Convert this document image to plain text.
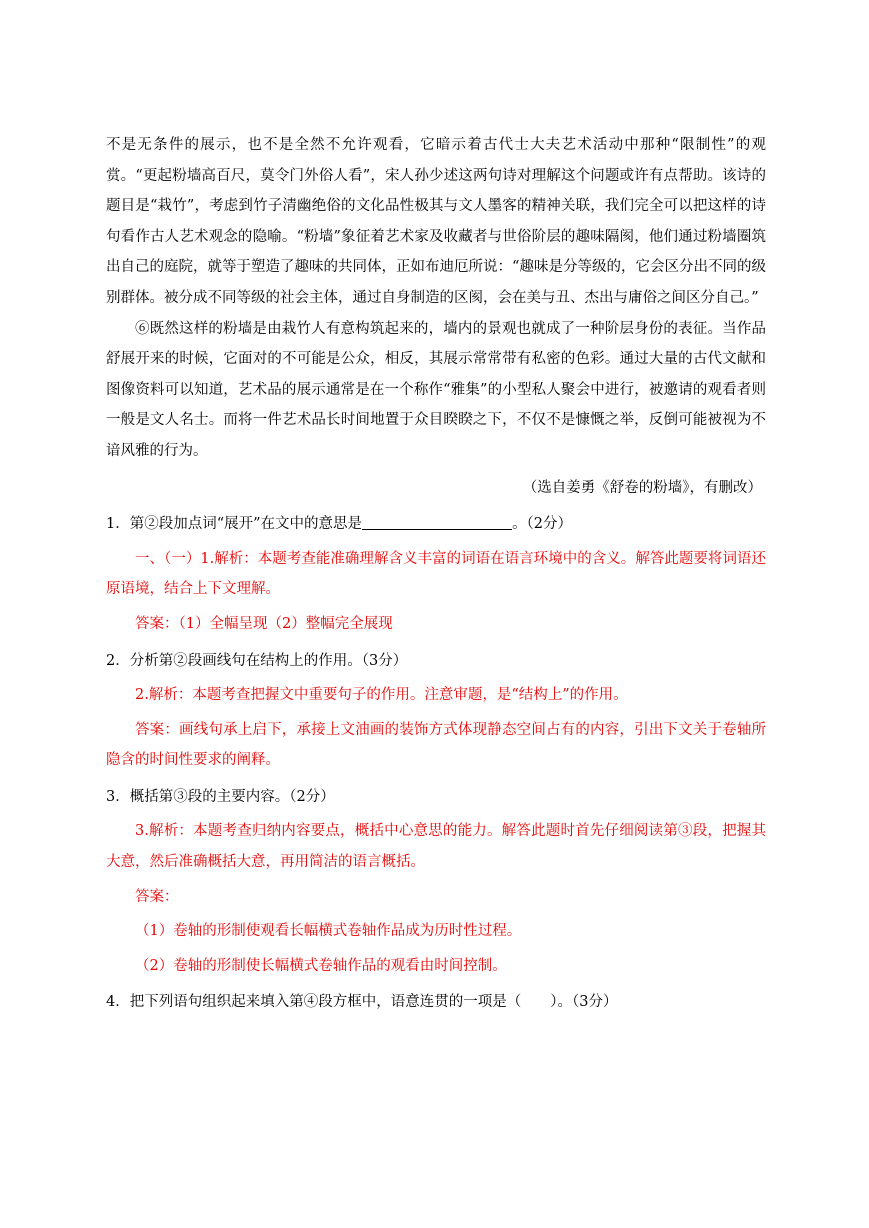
不是无条件的展示，也不是全然不允许观看，它暗示着古代士大夫艺术活动中那种“限制性”的观赏。“更起粉墙高百尺，莫令门外俗人看”，宋人孙少述这两句诗对理解这个问题或许有点帮助。该诗的题目是“栽竹”，考虑到竹子清幽绝俗的文化品性极其与文人墨客的精神关联，我们完全可以把这样的诗句看作古人艺术观念的隐喻。“粉墙”象征着艺术家及收藏者与世俗阶层的趣味隔阂，他们通过粉墙圈筑出自己的庭院，就等于塑造了趣味的共同体，正如布迪厄所说：“趣味是分等级的，它会区分出不同的级别群体。被分成不同等级的社会主体，通过自身制造的区阂，会在美与丑、杰出与庸俗之间区分自己。”

⑥既然这样的粉墙是由栽竹人有意构筑起来的，墙内的景观也就成了一种阶层身份的表征。当作品舒展开来的时候，它面对的不可能是公众，相反，其展示常常带有私密的色彩。通过大量的古代文献和图像资料可以知道，艺术品的展示通常是在一个称作“雅集”的小型私人聚会中进行，被邀请的观看者则一般是文人名士。而将一件艺术品长时间地置于众目睽睽之下，不仅不是慷慨之举，反倒可能被视为不谙风雅的行为。

（选自姜勇《舒卷的粉墙》，有删改）

1．第②段加点词“展开”在文中的意思是	。（2分）

一、（一）1.解析：本题考查能准确理解含义丰富的词语在语言环境中的含义。解答此题要将词语还原语境，结合上下文理解。

答案：（1）全幅呈现（2）整幅完全展现

2．分析第②段画线句在结构上的作用。（3分）

2.解析：本题考查把握文中重要句子的作用。注意审题，是“结构上”的作用。

答案：画线句承上启下，承接上文油画的装饰方式体现静态空间占有的内容，引出下文关于卷轴所隐含的时间性要求的阐释。

3．概括第③段的主要内容。（2分）

3.解析：本题考查归纳内容要点，概括中心意思的能力。解答此题时首先仔细阅读第③段，把握其大意，然后准确概括大意，再用简洁的语言概括。

答案：

（1）卷轴的形制使观看长幅横式卷轴作品成为历时性过程。

（2）卷轴的形制使长幅横式卷轴作品的观看由时间控制。

4．把下列语句组织起来填入第④段方框中，语意连贯的一项是（　　）。（3分）
